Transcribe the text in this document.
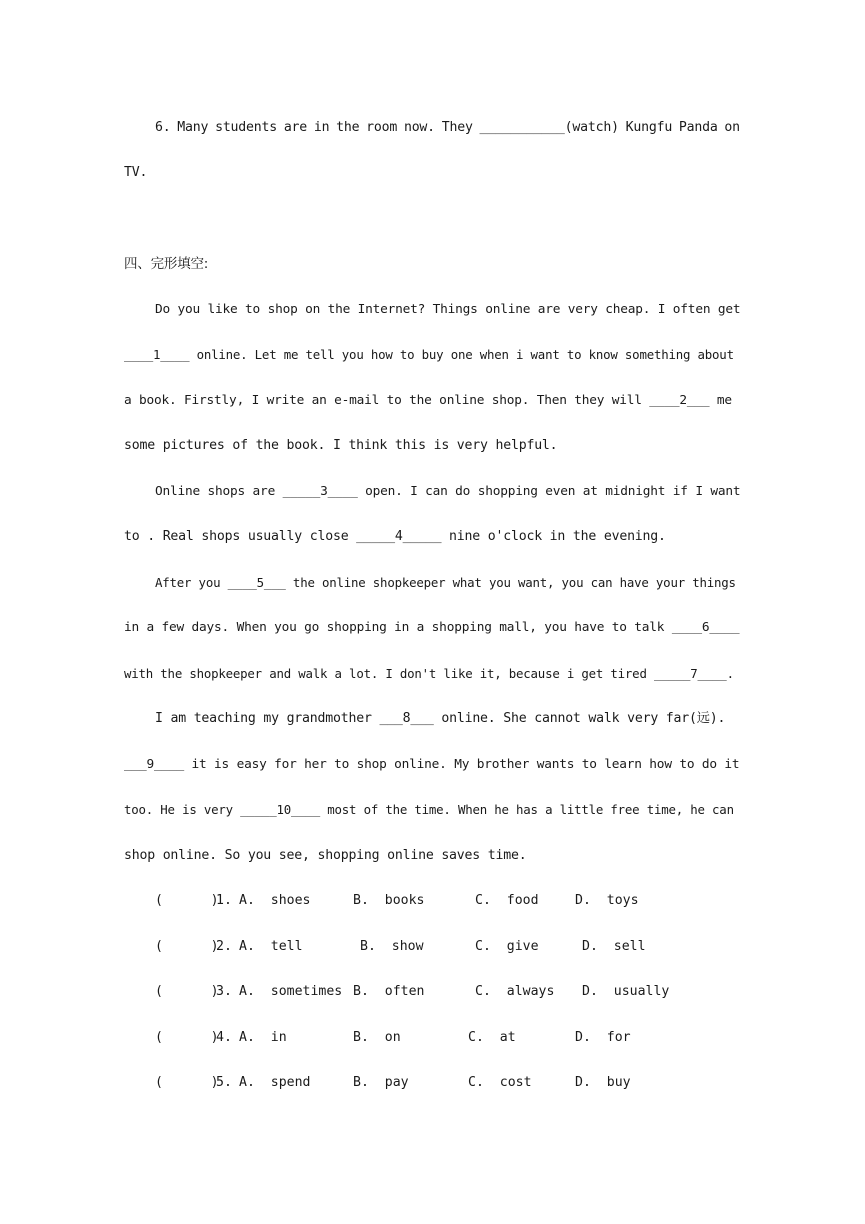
6. Many students are in the room now. They ___________(watch) Kungfu Panda on
TV.
四、完形填空:
Do you like to shop on the Internet? Things online are very cheap. I often get
____1____ online. Let me tell you how to buy one when i want to know something about
a book. Firstly, I write an e-mail to the online shop. Then they will ____2___ me
some pictures of the book. I think this is very helpful.
Online shops are _____3____ open. I can do shopping even at midnight if I want
to . Real shops usually close _____4_____ nine o'clock in the evening.
After you ____5___ the online shopkeeper what you want, you can have your things
in a few days. When you go shopping in a shopping mall, you have to talk ____6____
with the shopkeeper and walk a lot. I don't like it, because i get tired _____7____.
I am teaching my grandmother ___8___ online. She cannot walk very far(远).
___9____ it is easy for her to shop online. My brother wants to learn how to do it
too. He is very _____10____ most of the time. When he has a little free time, he can
shop online. So you see, shopping online saves time.

(      )

1.

A.  shoes

	B.  books

	C.  food

	D.  toys

(      )

2.

A.  tell

	B.  show

	C.  give

	D.  sell

(      )

3.

A.  sometimes

B.  often

	C.  always

D.  usually

(      )

4.

A.  in

	B.  on

	C.  at

	D.  for

(      )

5.

A.  spend

	B.  pay

	C.  cost

	D.  buy
